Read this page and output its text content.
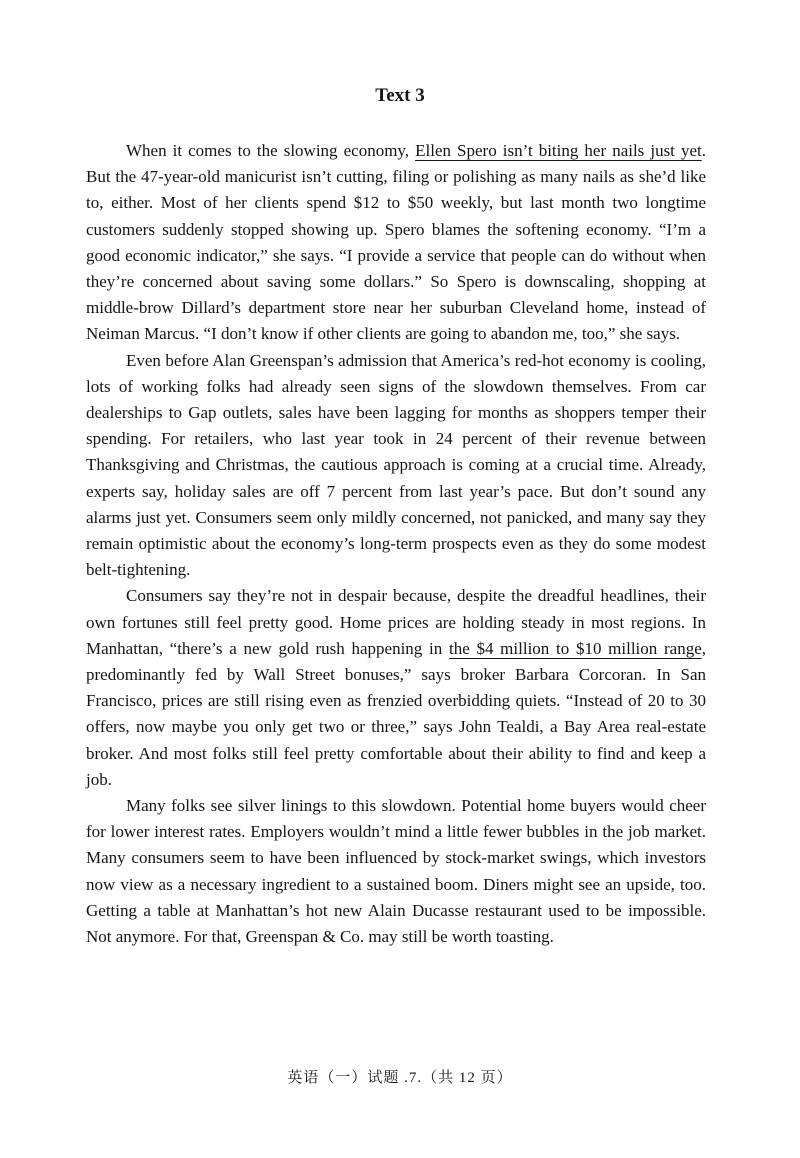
Text 3

When it comes to the slowing economy, Ellen Spero isn’t biting her nails just yet. But the 47-year-old manicurist isn’t cutting, filing or polishing as many nails as she’d like to, either. Most of her clients spend $12 to $50 weekly, but last month two longtime customers suddenly stopped showing up. Spero blames the softening economy. “I’m a good economic indicator,” she says. “I provide a service that people can do without when they’re concerned about saving some dollars.” So Spero is downscaling, shopping at middle-brow Dillard’s department store near her suburban Cleveland home, instead of Neiman Marcus. “I don’t know if other clients are going to abandon me, too,” she says.

Even before Alan Greenspan’s admission that America’s red-hot economy is cooling, lots of working folks had already seen signs of the slowdown themselves. From car dealerships to Gap outlets, sales have been lagging for months as shoppers temper their spending. For retailers, who last year took in 24 percent of their revenue between Thanksgiving and Christmas, the cautious approach is coming at a crucial time. Already, experts say, holiday sales are off 7 percent from last year’s pace. But don’t sound any alarms just yet. Consumers seem only mildly concerned, not panicked, and many say they remain optimistic about the economy’s long-term prospects even as they do some modest belt-tightening.

Consumers say they’re not in despair because, despite the dreadful headlines, their own fortunes still feel pretty good. Home prices are holding steady in most regions. In Manhattan, “there’s a new gold rush happening in the $4 million to $10 million range, predominantly fed by Wall Street bonuses,” says broker Barbara Corcoran. In San Francisco, prices are still rising even as frenzied overbidding quiets. “Instead of 20 to 30 offers, now maybe you only get two or three,” says John Tealdi, a Bay Area real-estate broker. And most folks still feel pretty comfortable about their ability to find and keep a job.

Many folks see silver linings to this slowdown. Potential home buyers would cheer for lower interest rates. Employers wouldn’t mind a little fewer bubbles in the job market. Many consumers seem to have been influenced by stock-market swings, which investors now view as a necessary ingredient to a sustained boom. Diners might see an upside, too. Getting a table at Manhattan’s hot new Alain Ducasse restaurant used to be impossible. Not anymore. For that, Greenspan & Co. may still be worth toasting.

英语（一）试题 .7.（共 12 页）
